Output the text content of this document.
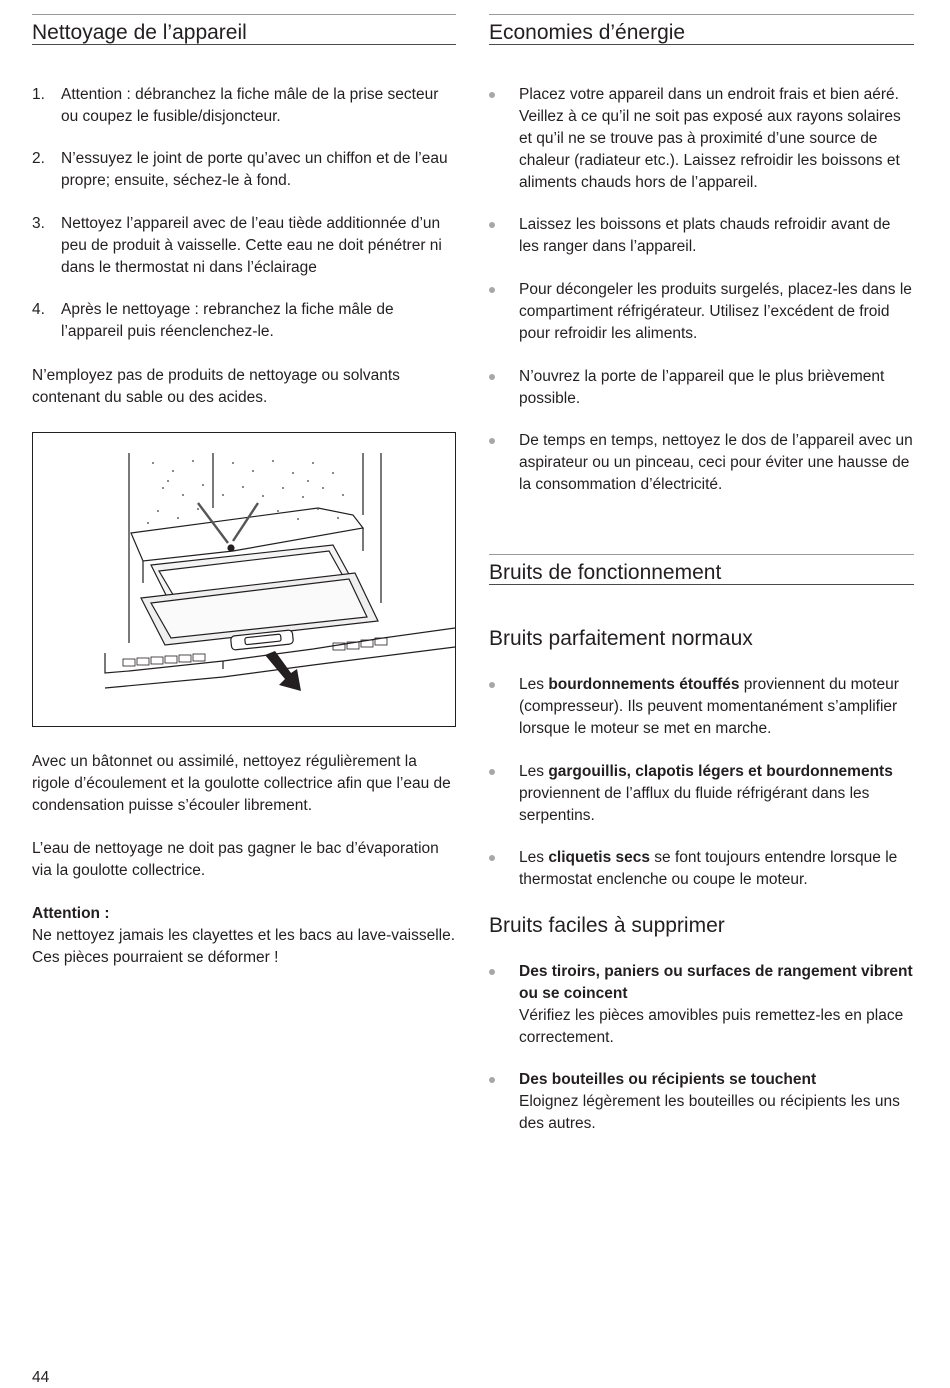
Nettoyage de l’appareil
1.	Attention : débranchez la fiche mâle de la prise secteur ou coupez le fusible/disjoncteur.
2.	N’essuyez le joint de porte qu’avec un chiffon et de l’eau propre; ensuite, séchez-le à fond.
3.	Nettoyez l’appareil avec de l’eau tiède additionnée d’un peu de produit à vaisselle. Cette eau ne doit pénétrer ni dans le thermostat ni dans l’éclairage
4.	Après le nettoyage : rebranchez la fiche mâle de l’appareil puis réenclenchez-le.

N’employez pas de produits de nettoyage ou solvants contenant du sable ou des acides.

Avec un bâtonnet ou assimilé, nettoyez régulièrement la rigole d’écoulement et la goulotte collectrice afin que l’eau de condensation puisse s’écouler librement.

L’eau de nettoyage ne doit pas gagner le bac d’évaporation via la goulotte collectrice.

Attention :

Ne nettoyez jamais les clayettes et les bacs au lave-vaisselle. Ces pièces pourraient se déformer !

Economies d’énergie
Placez votre appareil dans un endroit frais et bien aéré. Veillez à ce qu’il ne soit pas exposé aux rayons solaires et qu’il ne se trouve pas à proximité d’une source de chaleur (radiateur etc.). Laissez refroidir les boissons et aliments chauds hors de l’appareil.
Laissez les boissons et plats chauds refroidir avant de les ranger dans l’appareil.
Pour décongeler les produits surgelés, placez-les dans le compartiment réfrigérateur. Utilisez l’excédent de froid pour refroidir les aliments.
N’ouvrez la porte de l’appareil que le plus brièvement possible.
De temps en temps, nettoyez le dos de l’appareil avec un aspirateur ou un pinceau, ceci pour éviter une hausse de la consommation d’électricité.
Bruits de fonctionnement
Bruits parfaitement normaux
Les bourdonnements étouffés proviennent du moteur (compresseur). Ils peuvent momentanément s’amplifier lorsque le moteur se met en marche.
Les gargouillis, clapotis légers et bourdonnements proviennent de l’afflux du fluide réfrigérant dans les serpentins.
Les cliquetis secs se font toujours entendre lorsque le thermostat enclenche ou coupe le moteur.
Bruits faciles à supprimer
Des tiroirs, paniers ou surfaces de rangement vibrent ou se coincent
Vérifiez les pièces amovibles puis remettez-les en place correctement.
Des bouteilles ou récipients se touchent
Eloignez légèrement les bouteilles ou récipients les uns des autres.
44
